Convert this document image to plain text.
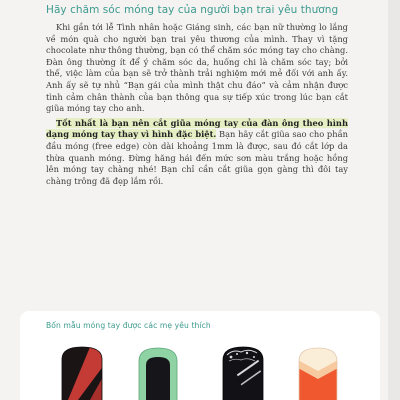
Hãy chăm sóc móng tay của người bạn trai yêu thương

Khi gần tới lễ Tình nhân hoặc Giáng sinh, các bạn nữ thường lo lắng về món quà cho người bạn trai yêu thương của mình. Thay vì tặng chocolate như thông thường, bạn có thể chăm sóc móng tay cho chàng. Đàn ông thường ít để ý chăm sóc da, huống chi là chăm sóc tay; bởi thế, việc làm của bạn sẽ trở thành trải nghiệm mới mẻ đối với anh ấy. Anh ấy sẽ tự nhủ “Bạn gái của mình thật chu đáo” và cảm nhận được tình cảm chân thành của bạn thông qua sự tiếp xúc trong lúc bạn cắt giũa móng tay cho anh.

Tốt nhất là bạn nên cắt giũa móng tay của đàn ông theo hình dạng móng tay thay vì hình đặc biệt. Bạn hãy cắt giũa sao cho phần đầu móng (free edge) còn dài khoảng 1mm là được, sau đó cắt lớp da thừa quanh móng. Đừng hăng hái đến mức sơn màu trắng hoặc hồng lên móng tay chàng nhé! Bạn chỉ cần cắt giũa gọn gàng thì đôi tay chàng trông đã đẹp lắm rồi.

Bốn mẫu móng tay được các mẹ yêu thích
